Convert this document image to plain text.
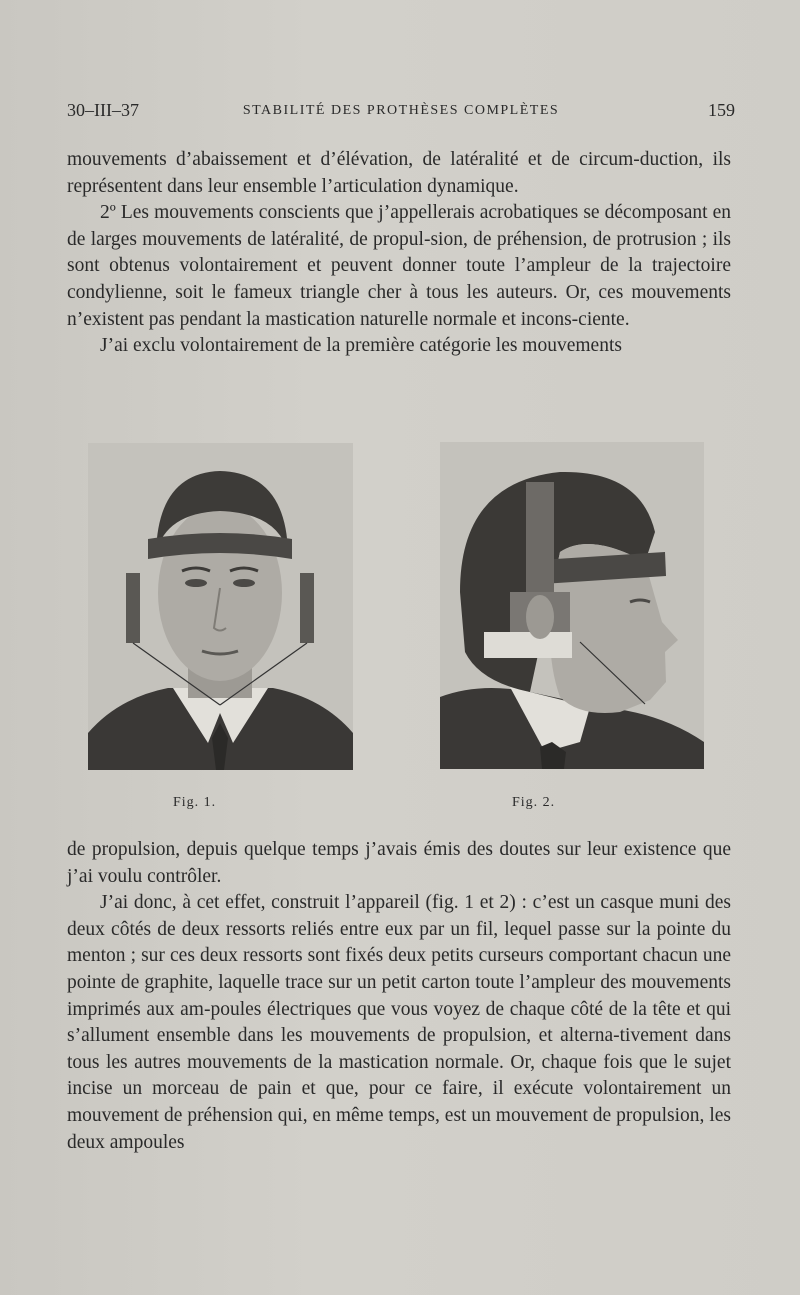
30–III–37	STABILITÉ DES PROTHÈSES COMPLÈTES	159

mouvements d’abaissement et d’élévation, de latéralité et de circum-duction, ils représentent dans leur ensemble l’articulation dynamique.

2º Les mouvements conscients que j’appellerais acrobatiques se décomposant en de larges mouvements de latéralité, de propul-sion, de préhension, de protrusion ; ils sont obtenus volontairement et peuvent donner toute l’ampleur de la trajectoire condylienne, soit le fameux triangle cher à tous les auteurs. Or, ces mouvements n’existent pas pendant la mastication naturelle normale et incons-ciente.

J’ai exclu volontairement de la première catégorie les mouvements

Fig. 1.	Fig. 2.

de propulsion, depuis quelque temps j’avais émis des doutes sur leur existence que j’ai voulu contrôler.

J’ai donc, à cet effet, construit l’appareil (fig. 1 et 2) : c’est un casque muni des deux côtés de deux ressorts reliés entre eux par un fil, lequel passe sur la pointe du menton ; sur ces deux ressorts sont fixés deux petits curseurs comportant chacun une pointe de graphite, laquelle trace sur un petit carton toute l’ampleur des mouvements imprimés aux am-poules électriques que vous voyez de chaque côté de la tête et qui s’allument ensemble dans les mouvements de propulsion, et alterna-tivement dans tous les autres mouvements de la mastication normale. Or, chaque fois que le sujet incise un morceau de pain et que, pour ce faire, il exécute volontairement un mouvement de préhension qui, en même temps, est un mouvement de propulsion, les deux ampoules
